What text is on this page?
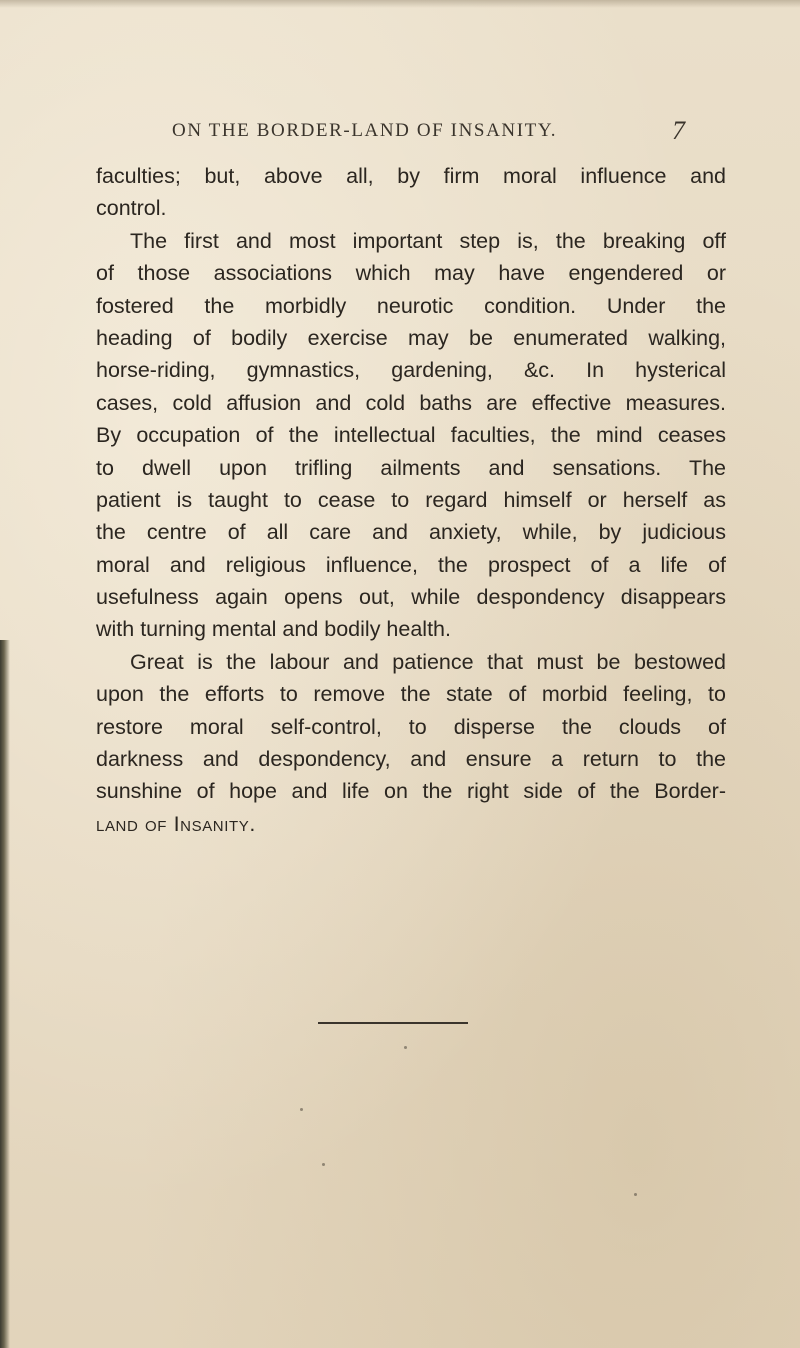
ON THE BORDER-LAND OF INSANITY.	7
faculties; but, above all, by firm moral influence and
control.
The first and most important step is, the breaking off
of those associations which may have engendered or
fostered the morbidly neurotic condition. Under the
heading of bodily exercise may be enumerated walking,
horse-riding, gymnastics, gardening, &c. In hysterical
cases, cold affusion and cold baths are effective measures.
By occupation of the intellectual faculties, the mind ceases
to dwell upon trifling ailments and sensations. The
patient is taught to cease to regard himself or herself as
the centre of all care and anxiety, while, by judicious
moral and religious influence, the prospect of a life of
usefulness again opens out, while despondency disappears
with turning mental and bodily health.
Great is the labour and patience that must be bestowed
upon the efforts to remove the state of morbid feeling, to
restore moral self-control, to disperse the clouds of
darkness and despondency, and ensure a return to the
sunshine of hope and life on the right side of the Border-
land of Insanity.
